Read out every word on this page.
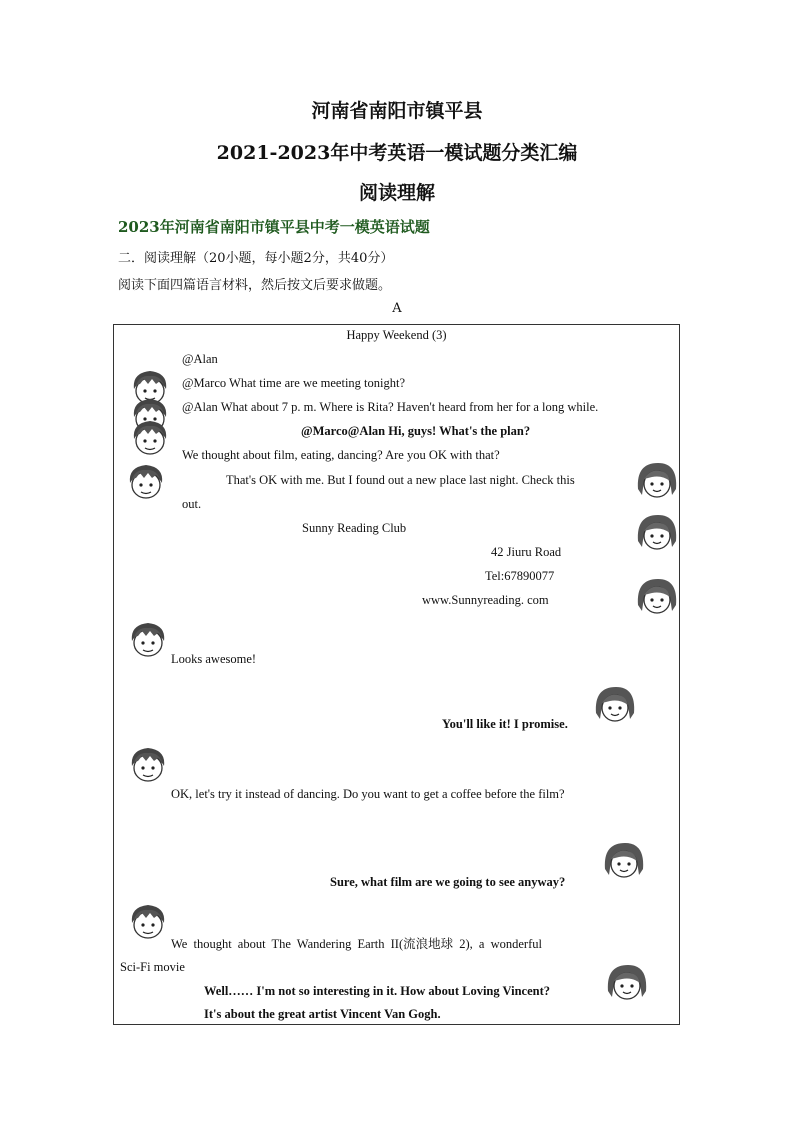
河南省南阳市镇平县
2021-2023年中考英语一模试题分类汇编
阅读理解
2023年河南省南阳市镇平县中考一模英语试题
二．阅读理解（20小题，每小题2分，共40分）
阅读下面四篇语言材料，然后按文后要求做题。
A
Happy Weekend (3)
@Alan
@Marco What time are we meeting tonight?
@Alan What about 7 p. m. Where is Rita? Haven't heard from her for a long while.
@Marco@Alan Hi, guys! What's the plan?
We thought about film, eating, dancing? Are you OK with that?
That's OK with me. But I found out a new place last night. Check this
out.
Sunny Reading Club
42 Jiuru Road
Tel:67890077
www.Sunnyreading. com
Looks awesome!
You'll like it! I promise.
OK, let's try it instead of dancing. Do you want to get a coffee before the film?
Sure, what film are we going to see anyway?
We thought about The Wandering Earth II(流浪地球 2), a wonderful
Sci-Fi movie
Well…… I'm not so interesting in it. How about Loving Vincent?
It's about the great artist Vincent Van Gogh.
